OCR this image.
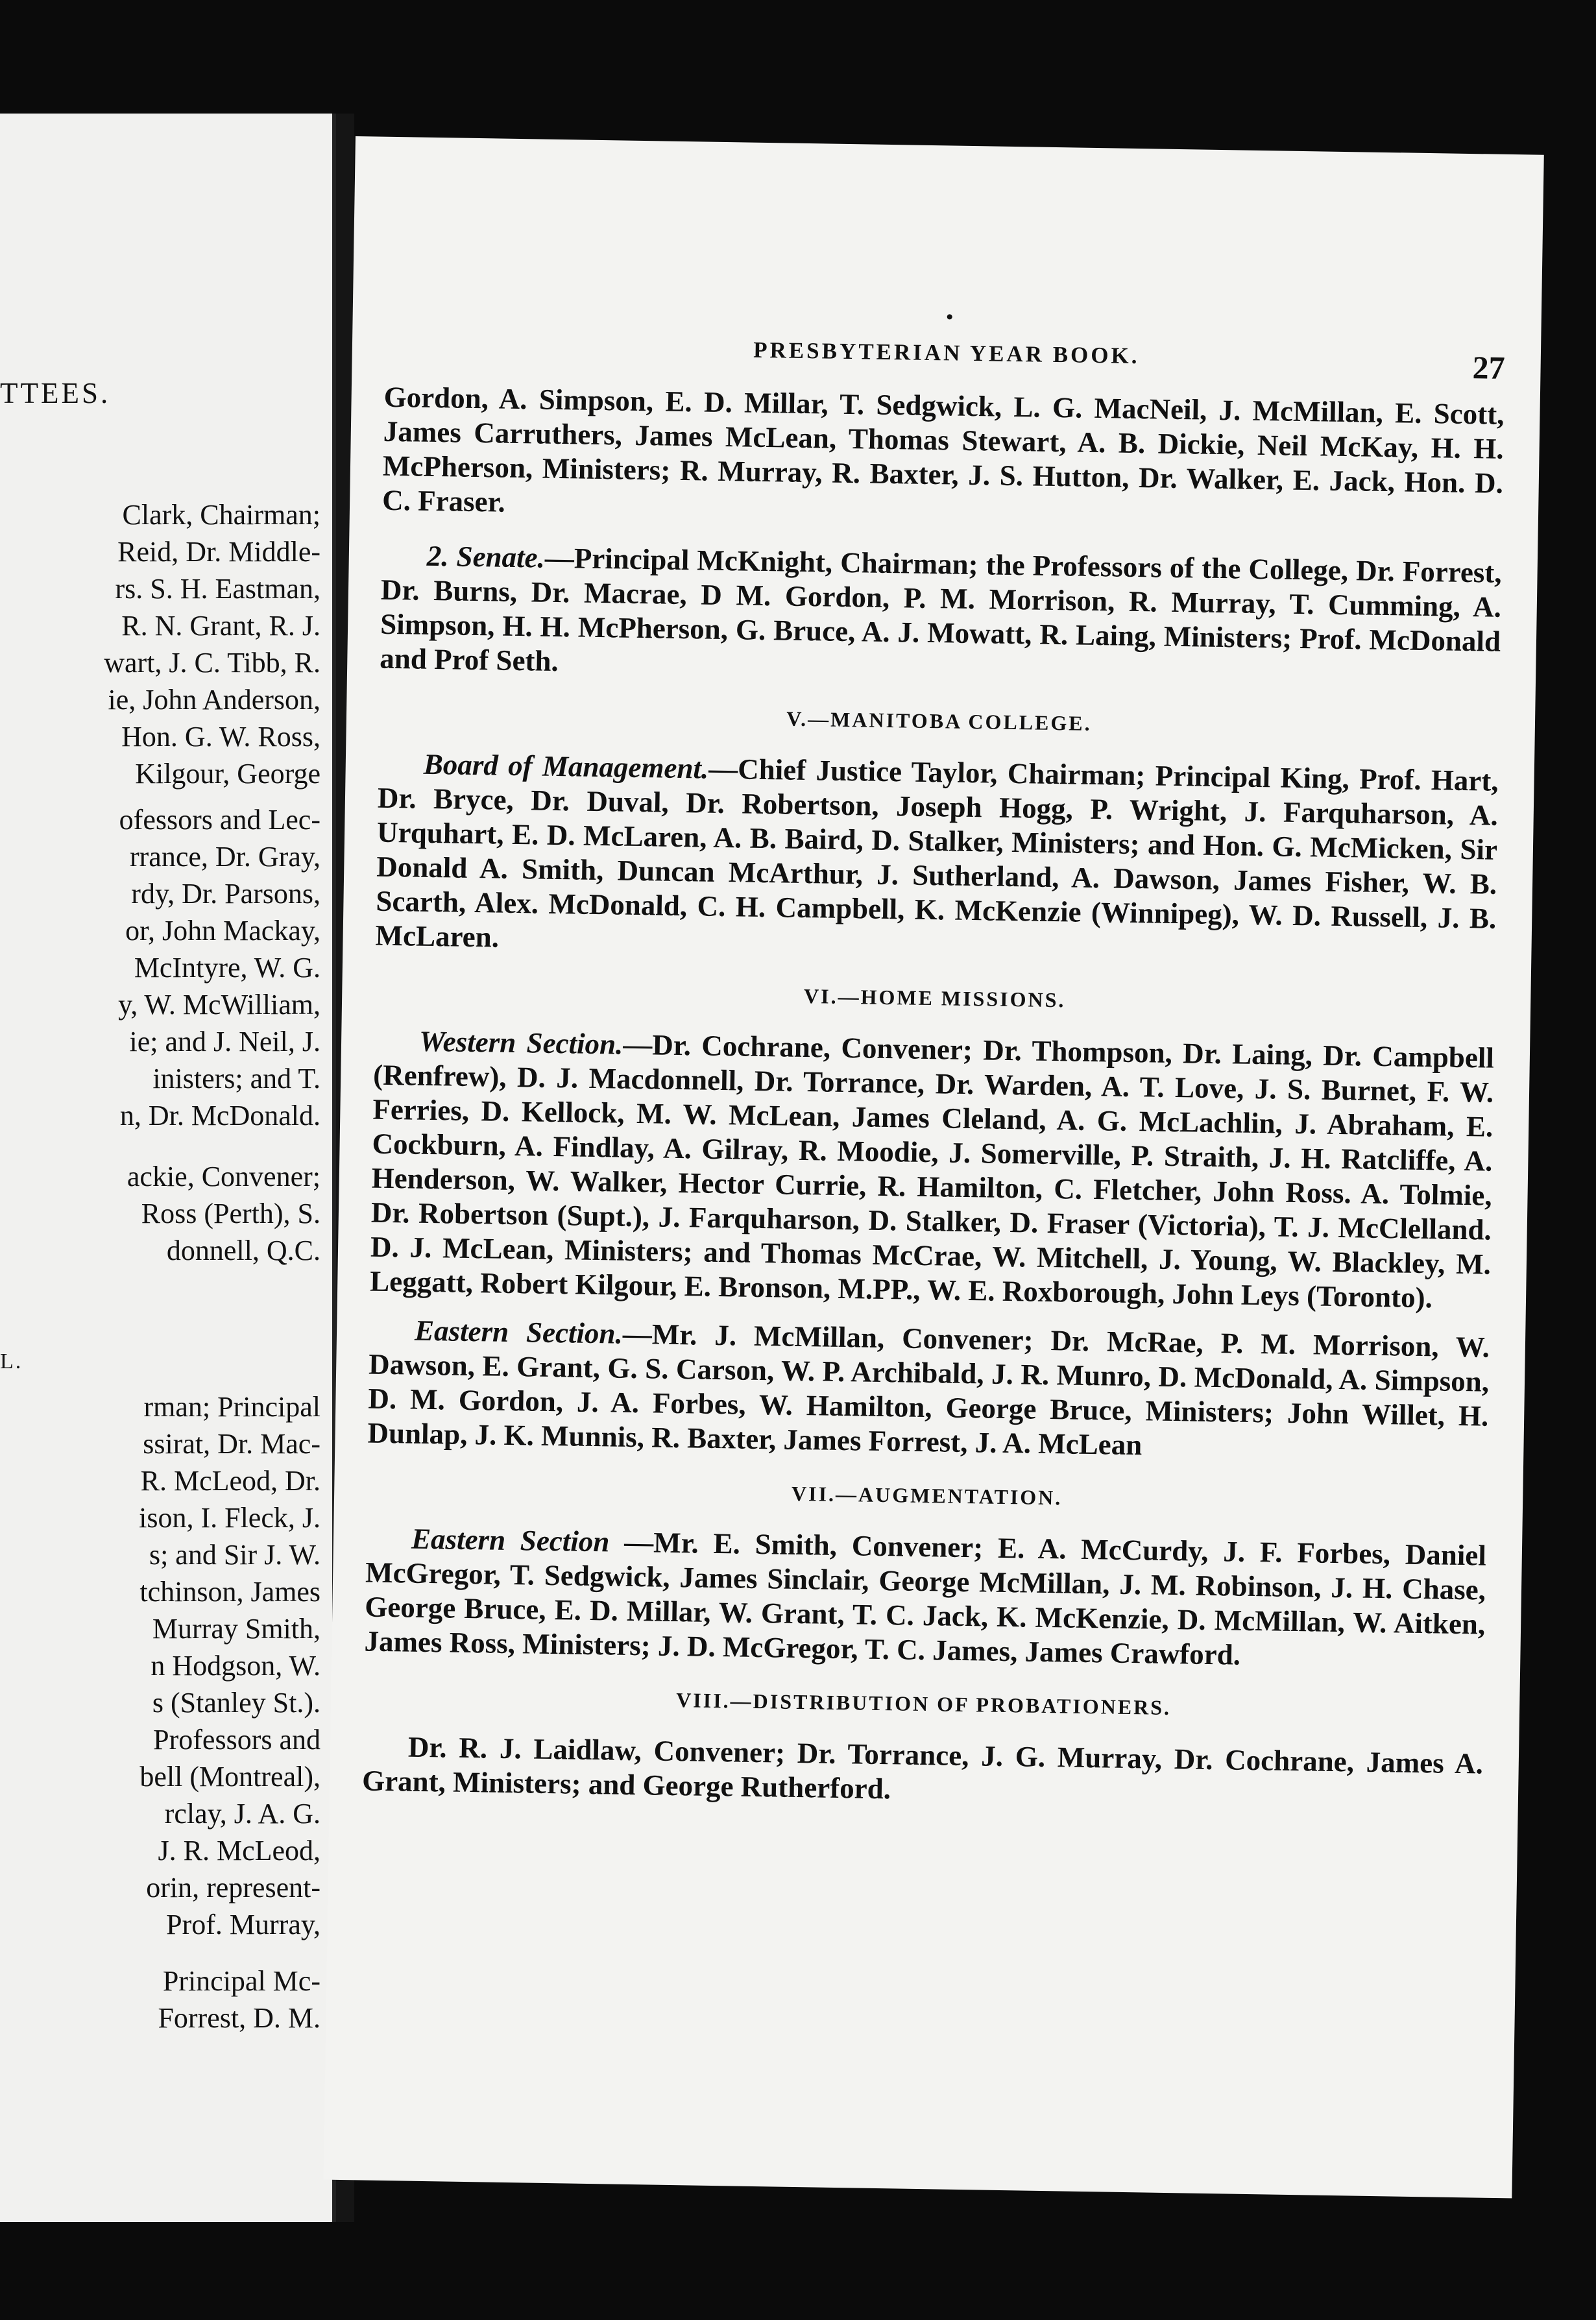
TTEES.
Clark, Chairman;
Reid, Dr. Middle-
rs. S. H. Eastman,
R. N. Grant, R. J.
wart, J. C. Tibb, R.
ie, John Anderson,
Hon. G. W. Ross,
Kilgour, George
ofessors and Lec-
rrance, Dr. Gray,
rdy, Dr. Parsons,
or, John Mackay,
McIntyre, W. G.
y, W. McWilliam,
ie; and J. Neil, J.
inisters; and T.
n, Dr. McDonald.
ackie, Convener;
Ross (Perth), S.
donnell, Q.C.
rman; Principal
ssirat, Dr. Mac-
R. McLeod, Dr.
ison, I. Fleck, J.
s; and Sir J. W.
tchinson, James
Murray Smith,
n Hodgson, W.
s (Stanley St.).
Professors and
bell (Montreal),
rclay, J. A. G.
J. R. McLeod,
orin, represent-
Prof. Murray,
Principal Mc-
Forrest, D. M.
L.
PRESBYTERIAN YEAR BOOK.	27

Gordon, A. Simpson, E. D. Millar, T. Sedgwick, L. G. MacNeil, J. McMillan, E. Scott, James Carruthers, James McLean, Thomas Stewart, A. B. Dickie, Neil McKay, H. H. McPherson, Ministers; R. Murray, R. Baxter, J. S. Hutton, Dr. Walker, E. Jack, Hon. D. C. Fraser.

2. Senate.—Principal McKnight, Chairman; the Professors of the College, Dr. Forrest, Dr. Burns, Dr. Macrae, D M. Gordon, P. M. Morrison, R. Murray, T. Cumming, A. Simpson, H. H. McPherson, G. Bruce, A. J. Mowatt, R. Laing, Ministers; Prof. McDonald and Prof Seth.

V.—MANITOBA COLLEGE.

Board of Management.—Chief Justice Taylor, Chairman; Principal King, Prof. Hart, Dr. Bryce, Dr. Duval, Dr. Robertson, Joseph Hogg, P. Wright, J. Farquharson, A. Urquhart, E. D. McLaren, A. B. Baird, D. Stalker, Ministers; and Hon. G. McMicken, Sir Donald A. Smith, Duncan McArthur, J. Sutherland, A. Dawson, James Fisher, W. B. Scarth, Alex. McDonald, C. H. Campbell, K. McKenzie (Winnipeg), W. D. Russell, J. B. McLaren.

VI.—HOME MISSIONS.

Western Section.—Dr. Cochrane, Convener; Dr. Thompson, Dr. Laing, Dr. Campbell (Renfrew), D. J. Macdonnell, Dr. Torrance, Dr. Warden, A. T. Love, J. S. Burnet, F. W. Ferries, D. Kellock, M. W. McLean, James Cleland, A. G. McLachlin, J. Abraham, E. Cockburn, A. Findlay, A. Gilray, R. Moodie, J. Somerville, P. Straith, J. H. Ratcliffe, A. Henderson, W. Walker, Hector Currie, R. Hamilton, C. Fletcher, John Ross. A. Tolmie, Dr. Robertson (Supt.), J. Farquharson, D. Stalker, D. Fraser (Victoria), T. J. McClelland. D. J. McLean, Ministers; and Thomas McCrae, W. Mitchell, J. Young, W. Blackley, M. Leggatt, Robert Kilgour, E. Bronson, M.PP., W. E. Roxborough, John Leys (Toronto).

Eastern Section.—Mr. J. McMillan, Convener; Dr. McRae, P. M. Morrison, W. Dawson, E. Grant, G. S. Carson, W. P. Archibald, J. R. Munro, D. McDonald, A. Simpson, D. M. Gordon, J. A. Forbes, W. Hamilton, George Bruce, Ministers; John Willet, H. Dunlap, J. K. Munnis, R. Baxter, James Forrest, J. A. McLean

VII.—AUGMENTATION.

Eastern Section —Mr. E. Smith, Convener; E. A. McCurdy, J. F. Forbes, Daniel McGregor, T. Sedgwick, James Sinclair, George McMillan, J. M. Robinson, J. H. Chase, George Bruce, E. D. Millar, W. Grant, T. C. Jack, K. McKenzie, D. McMillan, W. Aitken, James Ross, Ministers; J. D. McGregor, T. C. James, James Crawford.

VIII.—DISTRIBUTION OF PROBATIONERS.

Dr. R. J. Laidlaw, Convener; Dr. Torrance, J. G. Murray, Dr. Cochrane, James A. Grant, Ministers; and George Rutherford.
